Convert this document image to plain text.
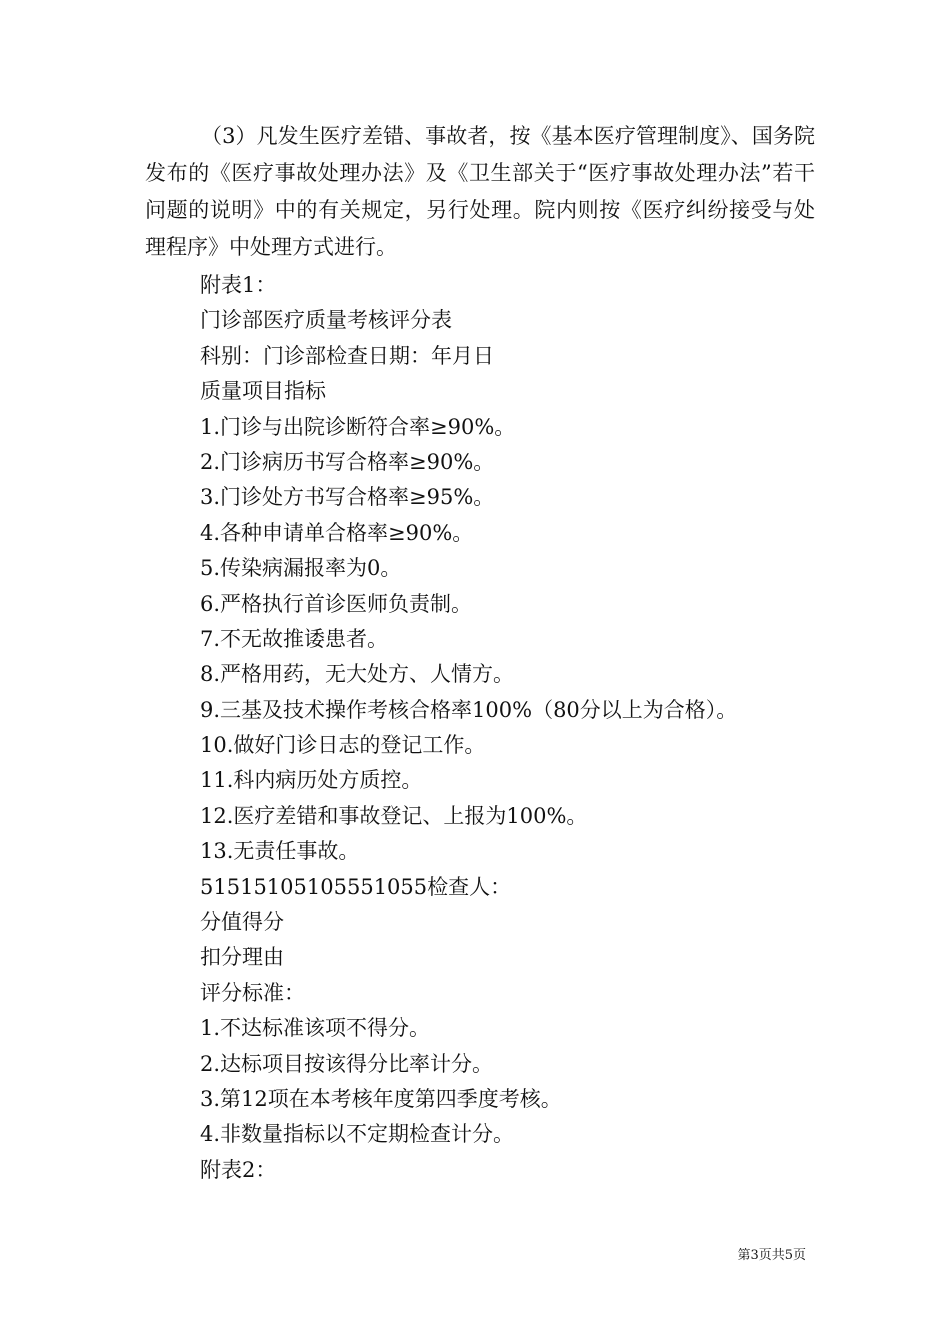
（3）凡发生医疗差错、事故者，按《基本医疗管理制度》、国务院发布的《医疗事故处理办法》及《卫生部关于“医疗事故处理办法”若干问题的说明》中的有关规定，另行处理。院内则按《医疗纠纷接受与处理程序》中处理方式进行。

附表1：
门诊部医疗质量考核评分表
科别：门诊部检查日期：年月日
质量项目指标
1.门诊与出院诊断符合率≥90%。
2.门诊病历书写合格率≥90%。
3.门诊处方书写合格率≥95%。
4.各种申请单合格率≥90%。
5.传染病漏报率为0。
6.严格执行首诊医师负责制。
7.不无故推诿患者。
8.严格用药，无大处方、人情方。
9.三基及技术操作考核合格率100%（80分以上为合格）。
10.做好门诊日志的登记工作。
11.科内病历处方质控。
12.医疗差错和事故登记、上报为100%。
13.无责任事故。
51515105105551055检查人：
分值得分
扣分理由
评分标准：
1.不达标准该项不得分。
2.达标项目按该得分比率计分。
3.第12项在本考核年度第四季度考核。
4.非数量指标以不定期检查计分。
附表2：
第3页共5页
